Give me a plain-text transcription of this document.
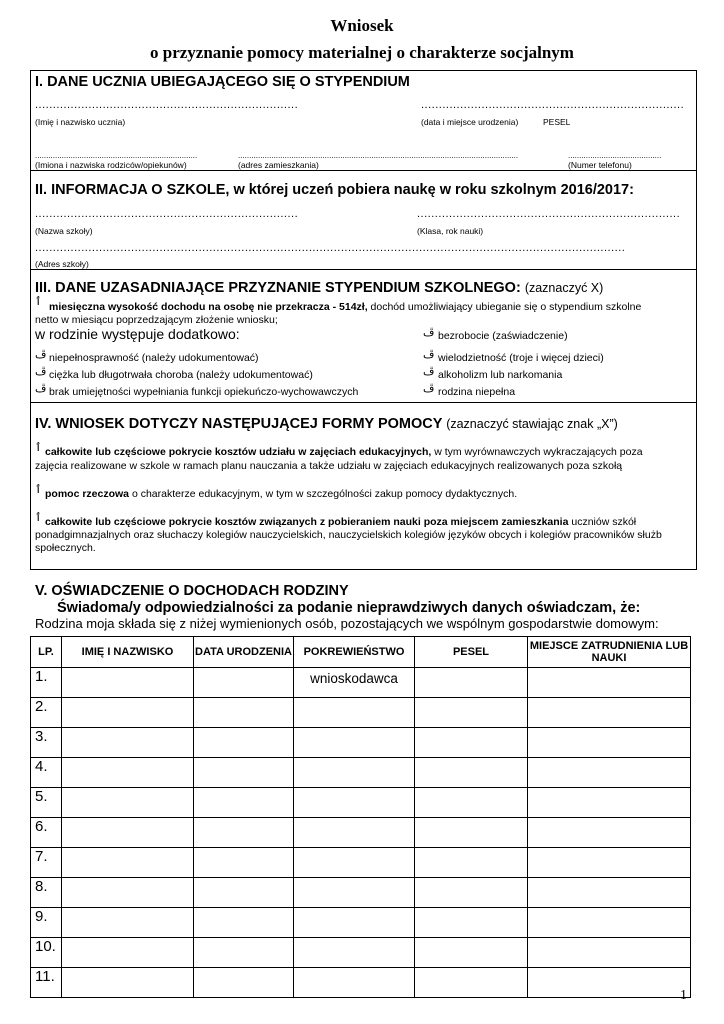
Wniosek
o przyznanie pomocy materialnej o charakterze socjalnym
I. DANE UCZNIA UBIEGAJĄCEGO SIĘ O STYPENDIUM
..........................................................................	..........................................................................
(Imię i nazwisko ucznia)	(data i miejsce urodzenia)	PESEL
.........................................................................	..............................................................................................................................	..........................................
(Imiona i nazwiska rodziców/opiekunów)	(adres zamieszkania)	(Numer telefonu)
II. INFORMACJA O SZKOLE, w której uczeń pobiera naukę w roku szkolnym 2016/2017:
..........................................................................	..........................................................................
(Nazwa szkoły)	(Klasa, rok nauki)
......................................................................................................................................................................
(Adres szkoły)
III. DANE UZASADNIAJĄCE PRZYZNANIE STYPENDIUM SZKOLNEGO: (zaznaczyć X)
ٲ miesięczna wysokość dochodu na osobę nie przekracza - 514zł, dochód umożliwiający ubieganie się o stypendium szkolne
netto w miesiącu poprzedzającym złożenie wniosku;
w rodzinie występuje dodatkowo:
ڦ niepełnosprawność (należy udokumentować)
ڦ ciężka lub długotrwała choroba (należy udokumentować)
ڦ brak umiejętności wypełniania funkcji opiekuńczo-wychowawczych
ڦ bezrobocie (zaświadczenie)
ڦ wielodzietność (troje i więcej dzieci)
ڦ alkoholizm lub narkomania
ڦ rodzina niepełna
IV. WNIOSEK DOTYCZY NASTĘPUJĄCEJ FORMY POMOCY (zaznaczyć stawiając znak „X”)
ٲ całkowite lub częściowe pokrycie kosztów udziału w zajęciach edukacyjnych, w tym wyrównawczych wykraczających poza
zajęcia realizowane w szkole w ramach planu nauczania a także udziału w zajęciach edukacyjnych realizowanych poza szkołą
ٲ pomoc rzeczowa o charakterze edukacyjnym, w tym w szczególności zakup pomocy dydaktycznych.
ٲ całkowite lub częściowe pokrycie kosztów związanych z pobieraniem nauki poza miejscem zamieszkania uczniów szkół
ponadgimnazjalnych oraz słuchaczy kolegiów nauczycielskich, nauczycielskich kolegiów języków obcych i kolegiów pracowników służb
społecznych.
V. OŚWIADCZENIE O DOCHODACH RODZINY
Świadoma/y odpowiedzialności za podanie nieprawdziwych danych oświadczam, że:
Rodzina moja składa się z niżej wymienionych osób, pozostających we wspólnym gospodarstwie domowym:
LP.	IMIĘ I NAZWISKO	DATA URODZENIA	POKREWIEŃSTWO	PESEL	MIEJSCE ZATRUDNIENIA LUB NAUKI
1.			wnioskodawca		
2.					
3.					
4.					
5.					
6.					
7.					
8.					
9.					
10.					
11.					
1
